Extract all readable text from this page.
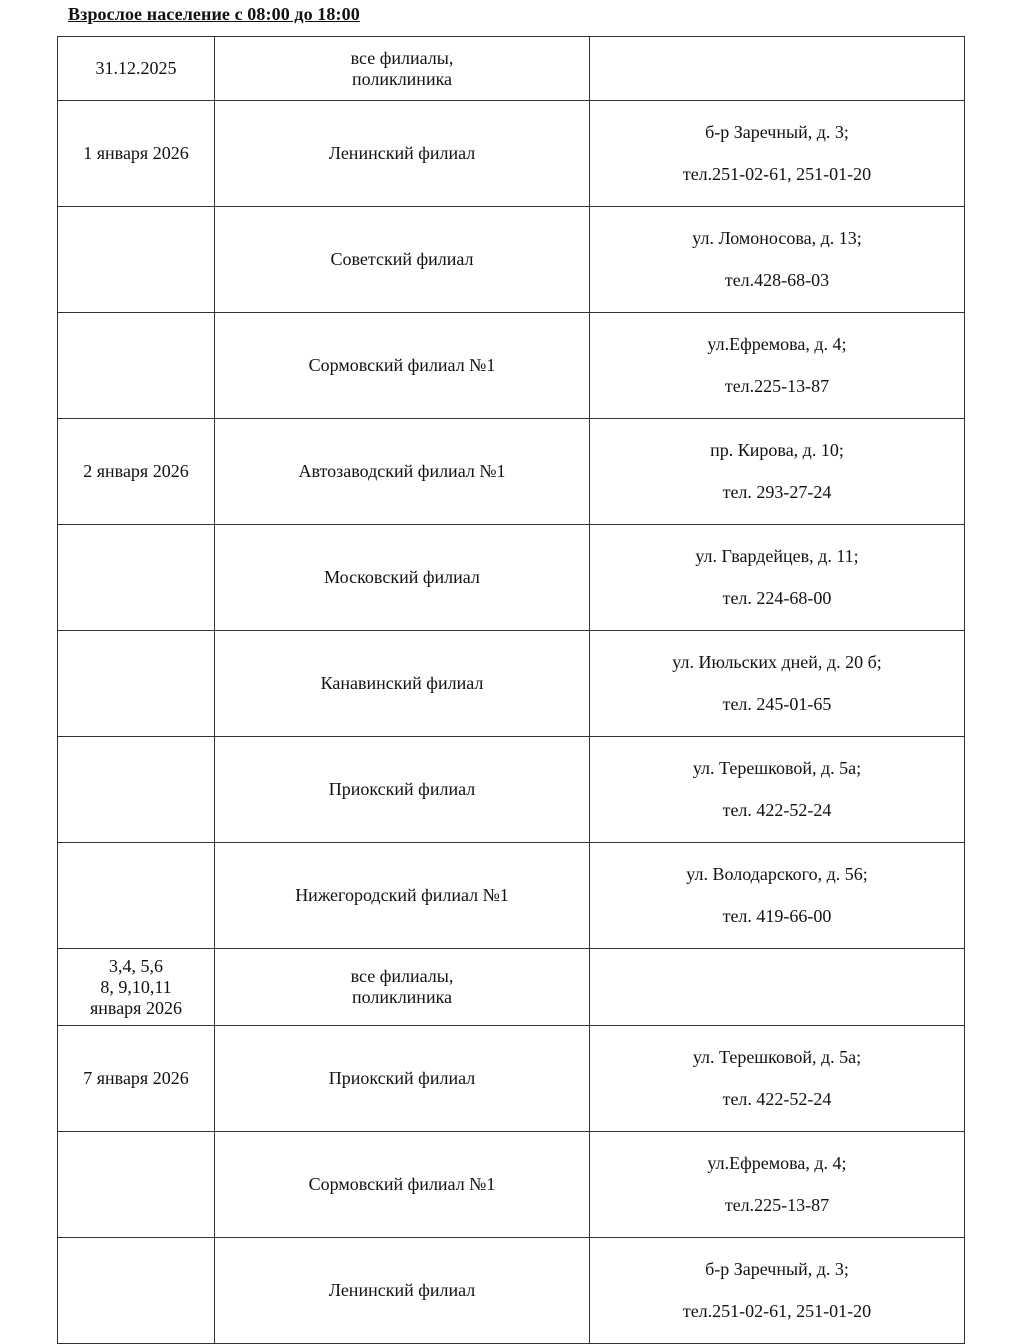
Взрослое население с 08:00 до 18:00
31.12.2025	все филиалы,
поликлиника	

1 января 2026	Ленинский филиал	б-р Заречный, д. 3;

тел.251-02-61, 251-01-20

	Советский филиал	ул. Ломоносова, д. 13;

тел.428-68-03

	Сормовский филиал №1	ул.Ефремова, д. 4;

тел.225-13-87

2 января 2026	Автозаводский филиал №1	пр. Кирова, д. 10;

тел. 293-27-24

	Московский филиал	ул. Гвардейцев, д. 11;

тел. 224-68-00

	Канавинский филиал	ул. Июльских дней, д. 20 б;

тел. 245-01-65

	Приокский филиал	ул. Терешковой, д. 5а;

тел. 422-52-24

	Нижегородский филиал №1	ул. Володарского, д. 56;

тел. 419-66-00

3,4, 5,6
8, 9,10,11
января 2026	все филиалы,
поликлиника	

7 января 2026	Приокский филиал	ул. Терешковой, д. 5а;

тел. 422-52-24

	Сормовский филиал №1	ул.Ефремова, д. 4;

тел.225-13-87

	Ленинский филиал	б-р Заречный, д. 3;

тел.251-02-61, 251-01-20
